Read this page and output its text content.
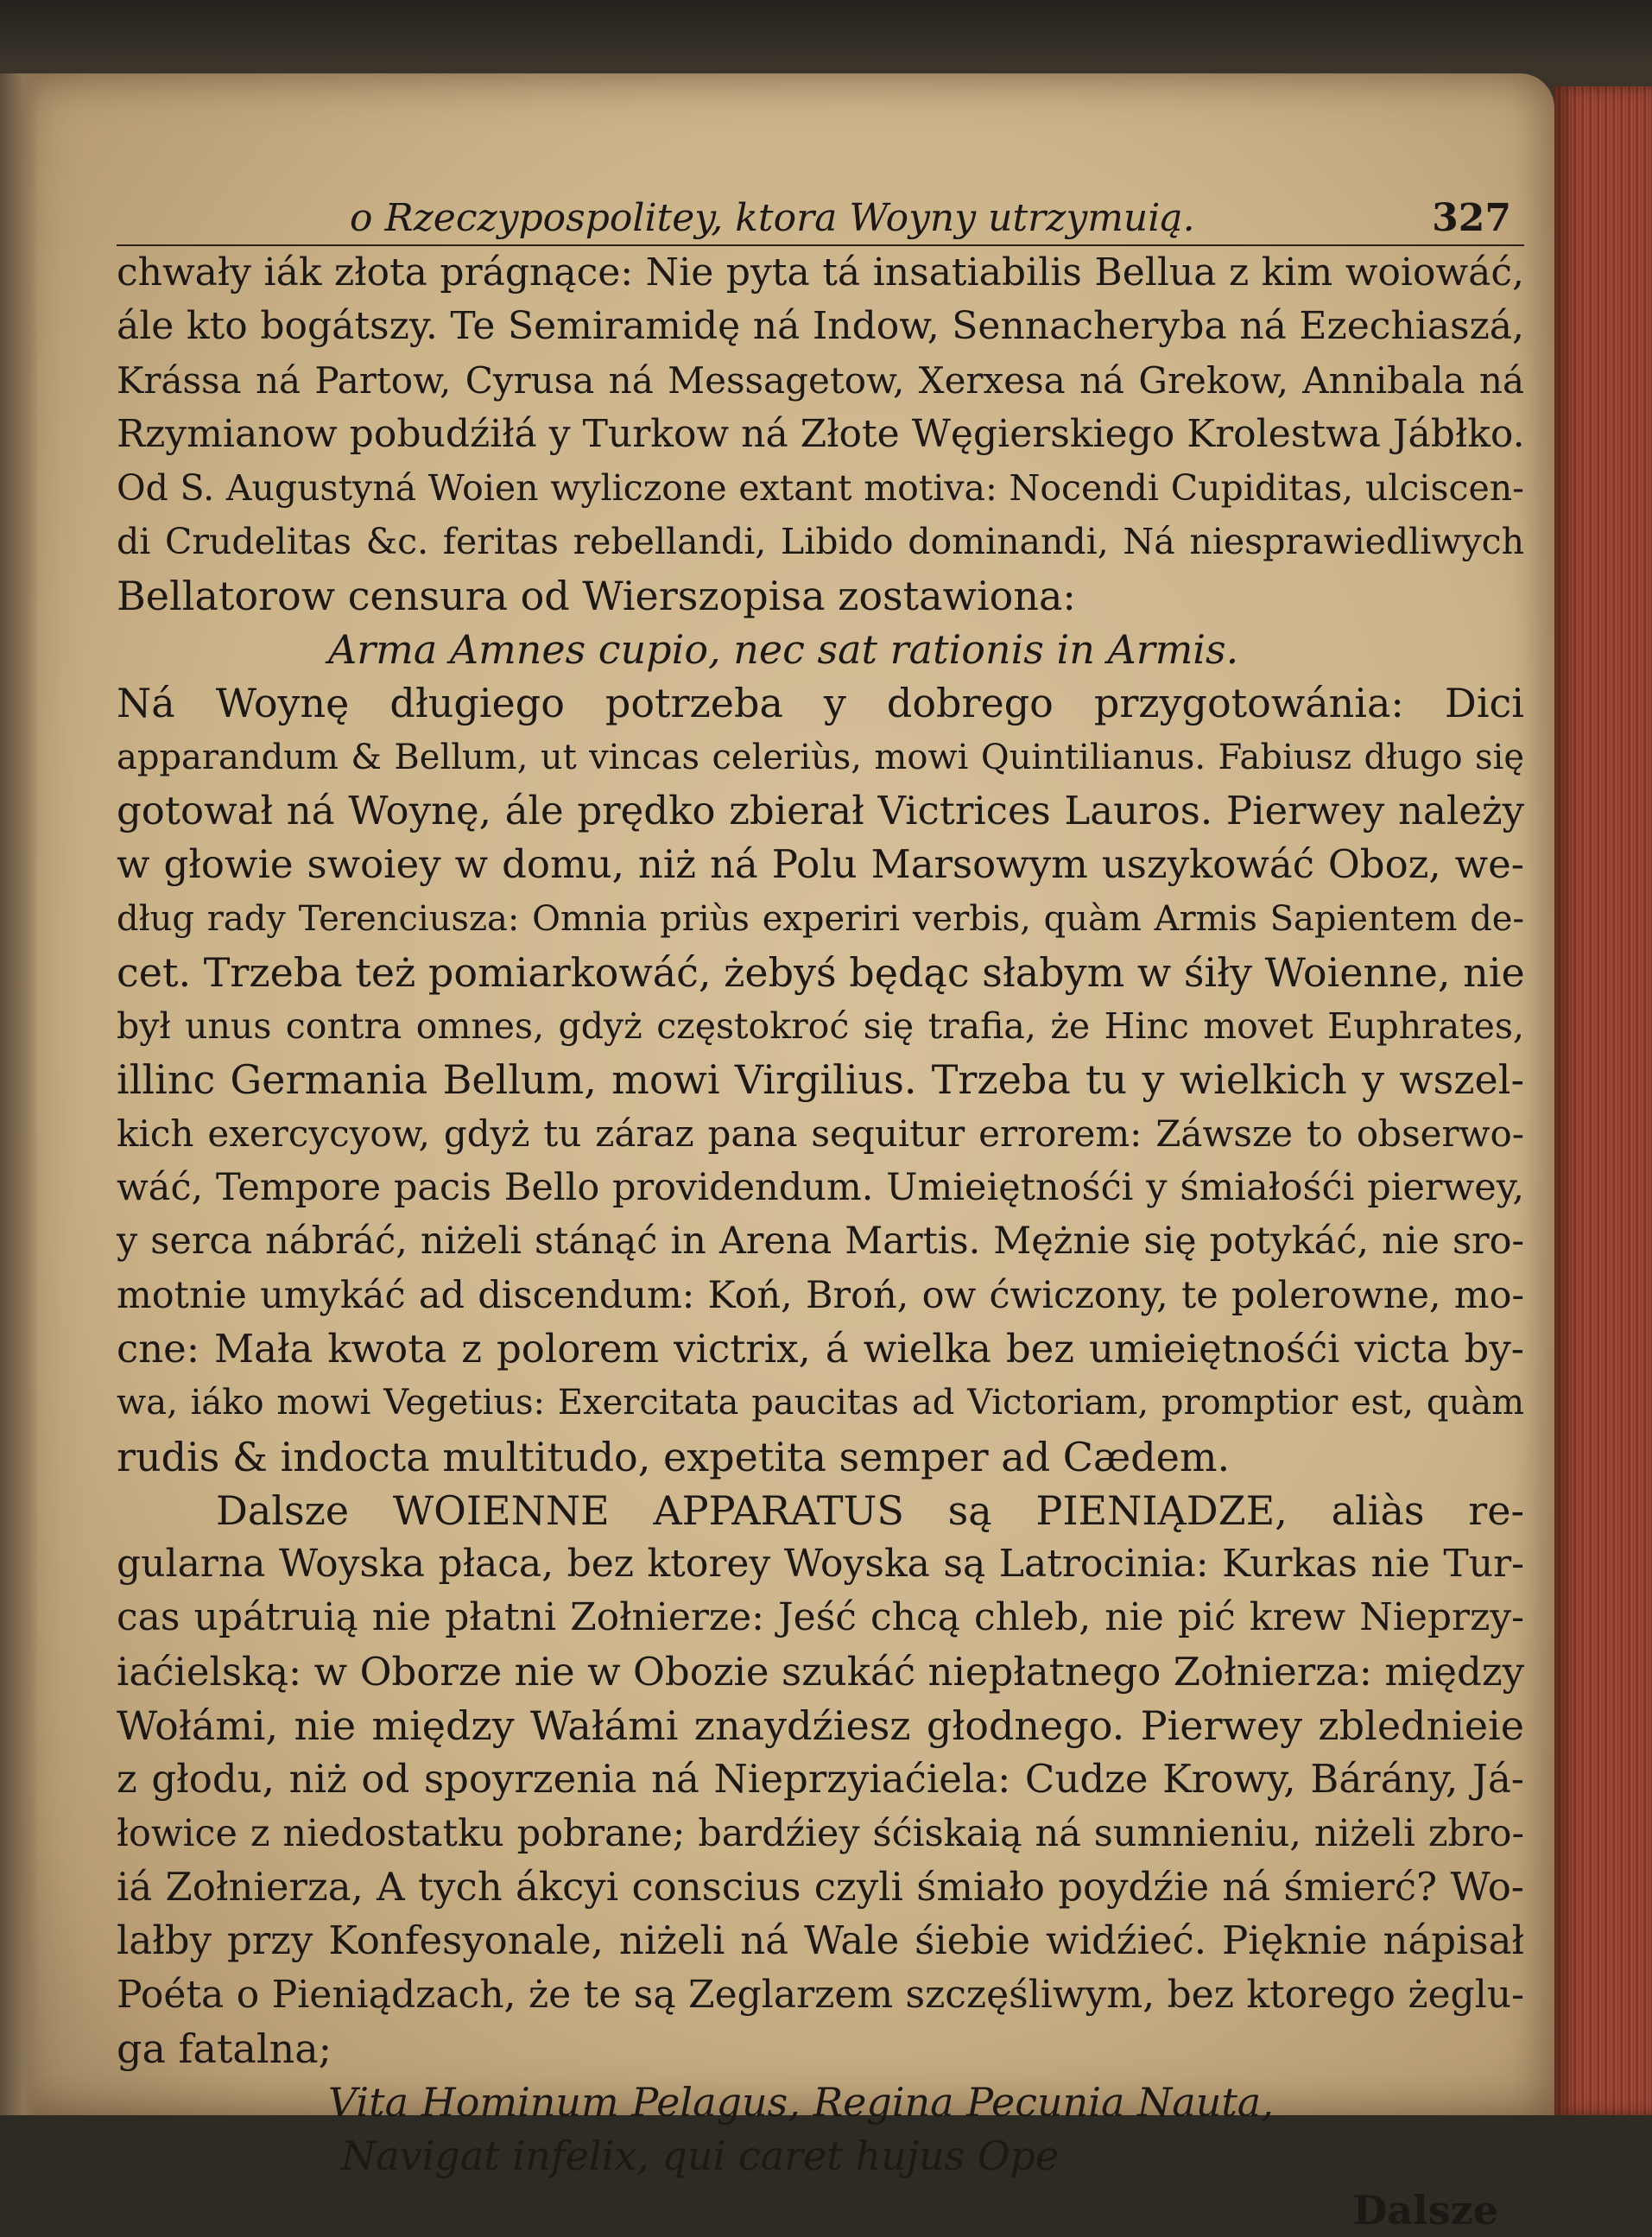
o Rzeczypospolitey, ktora Woyny utrzymuią.	327
chwały iák złota prágnące: Nie pyta tá insatiabilis Bellua z kim woiowáć,
ále kto bogátszy. Te Semiramidę ná Indow, Sennacheryba ná Ezechiaszá,
Krássa ná Partow, Cyrusa ná Messagetow, Xerxesa ná Grekow, Annibala ná
Rzymianow pobudźiłá y Turkow ná Złote Węgierskiego Krolestwa Jábłko.
Od S. Augustyná Woien wyliczone extant motiva: Nocendi Cupiditas, ulciscen-
di Crudelitas &c. feritas rebellandi, Libido dominandi, Ná niesprawiedliwych
Bellatorow censura od Wierszopisa zostawiona:
Arma Amnes cupio, nec sat rationis in Armis.
Ná Woynę długiego potrzeba y dobrego przygotowánia: Dici
apparandum & Bellum, ut vincas celeriùs, mowi Quintilianus. Fabiusz długo się
gotował ná Woynę, ále prędko zbierał Victrices Lauros. Pierwey należy
w głowie swoiey w domu, niż ná Polu Marsowym uszykowáć Oboz, we-
dług rady Terenciusza: Omnia priùs experiri verbis, quàm Armis Sapientem de-
cet. Trzeba też pomiarkowáć, żebyś będąc słabym w śiły Woienne, nie
był unus contra omnes, gdyż częstokroć się trafia, że Hinc movet Euphrates,
illinc Germania Bellum, mowi Virgilius. Trzeba tu y wielkich y wszel-
kich exercycyow, gdyż tu záraz pana sequitur errorem: Záwsze to obserwo-
wáć, Tempore pacis Bello providendum. Umieiętnośći y śmiałośći pierwey,
y serca nábráć, niżeli stánąć in Arena Martis. Mężnie się potykáć, nie sro-
motnie umykáć ad discendum: Koń, Broń, ow ćwiczony, te polerowne, mo-
cne: Mała kwota z polorem victrix, á wielka bez umieiętnośći victa by-
wa, iáko mowi Vegetius: Exercitata paucitas ad Victoriam, promptior est, quàm
rudis & indocta multitudo, expetita semper ad Cædem.
Dalsze WOIENNE APPARATUS są PIENIĄDZE, aliàs re-
gularna Woyska płaca, bez ktorey Woyska są Latrocinia: Kurkas nie Tur-
cas upátruią nie płatni Zołnierze: Jeść chcą chleb, nie pić krew Nieprzy-
iaćielską: w Oborze nie w Obozie szukáć niepłatnego Zołnierza: między
Wołámi, nie między Wałámi znaydźiesz głodnego. Pierwey zblednieie
z głodu, niż od spoyrzenia ná Nieprzyiaćiela: Cudze Krowy, Bárány, Já-
łowice z niedostatku pobrane; bardźiey śćiskaią ná sumnieniu, niżeli zbro-
iá Zołnierza, A tych ákcyi conscius czyli śmiało poydźie ná śmierć? Wo-
lałby przy Konfesyonale, niżeli ná Wale śiebie widźieć. Pięknie nápisał
Poéta o Pieniądzach, że te są Zeglarzem szczęśliwym, bez ktorego żeglu-
ga fatalna;
Vita Hominum Pelagus, Regina Pecunia Nauta,
Navigat infelix, qui caret hujus Ope
Dalsze
